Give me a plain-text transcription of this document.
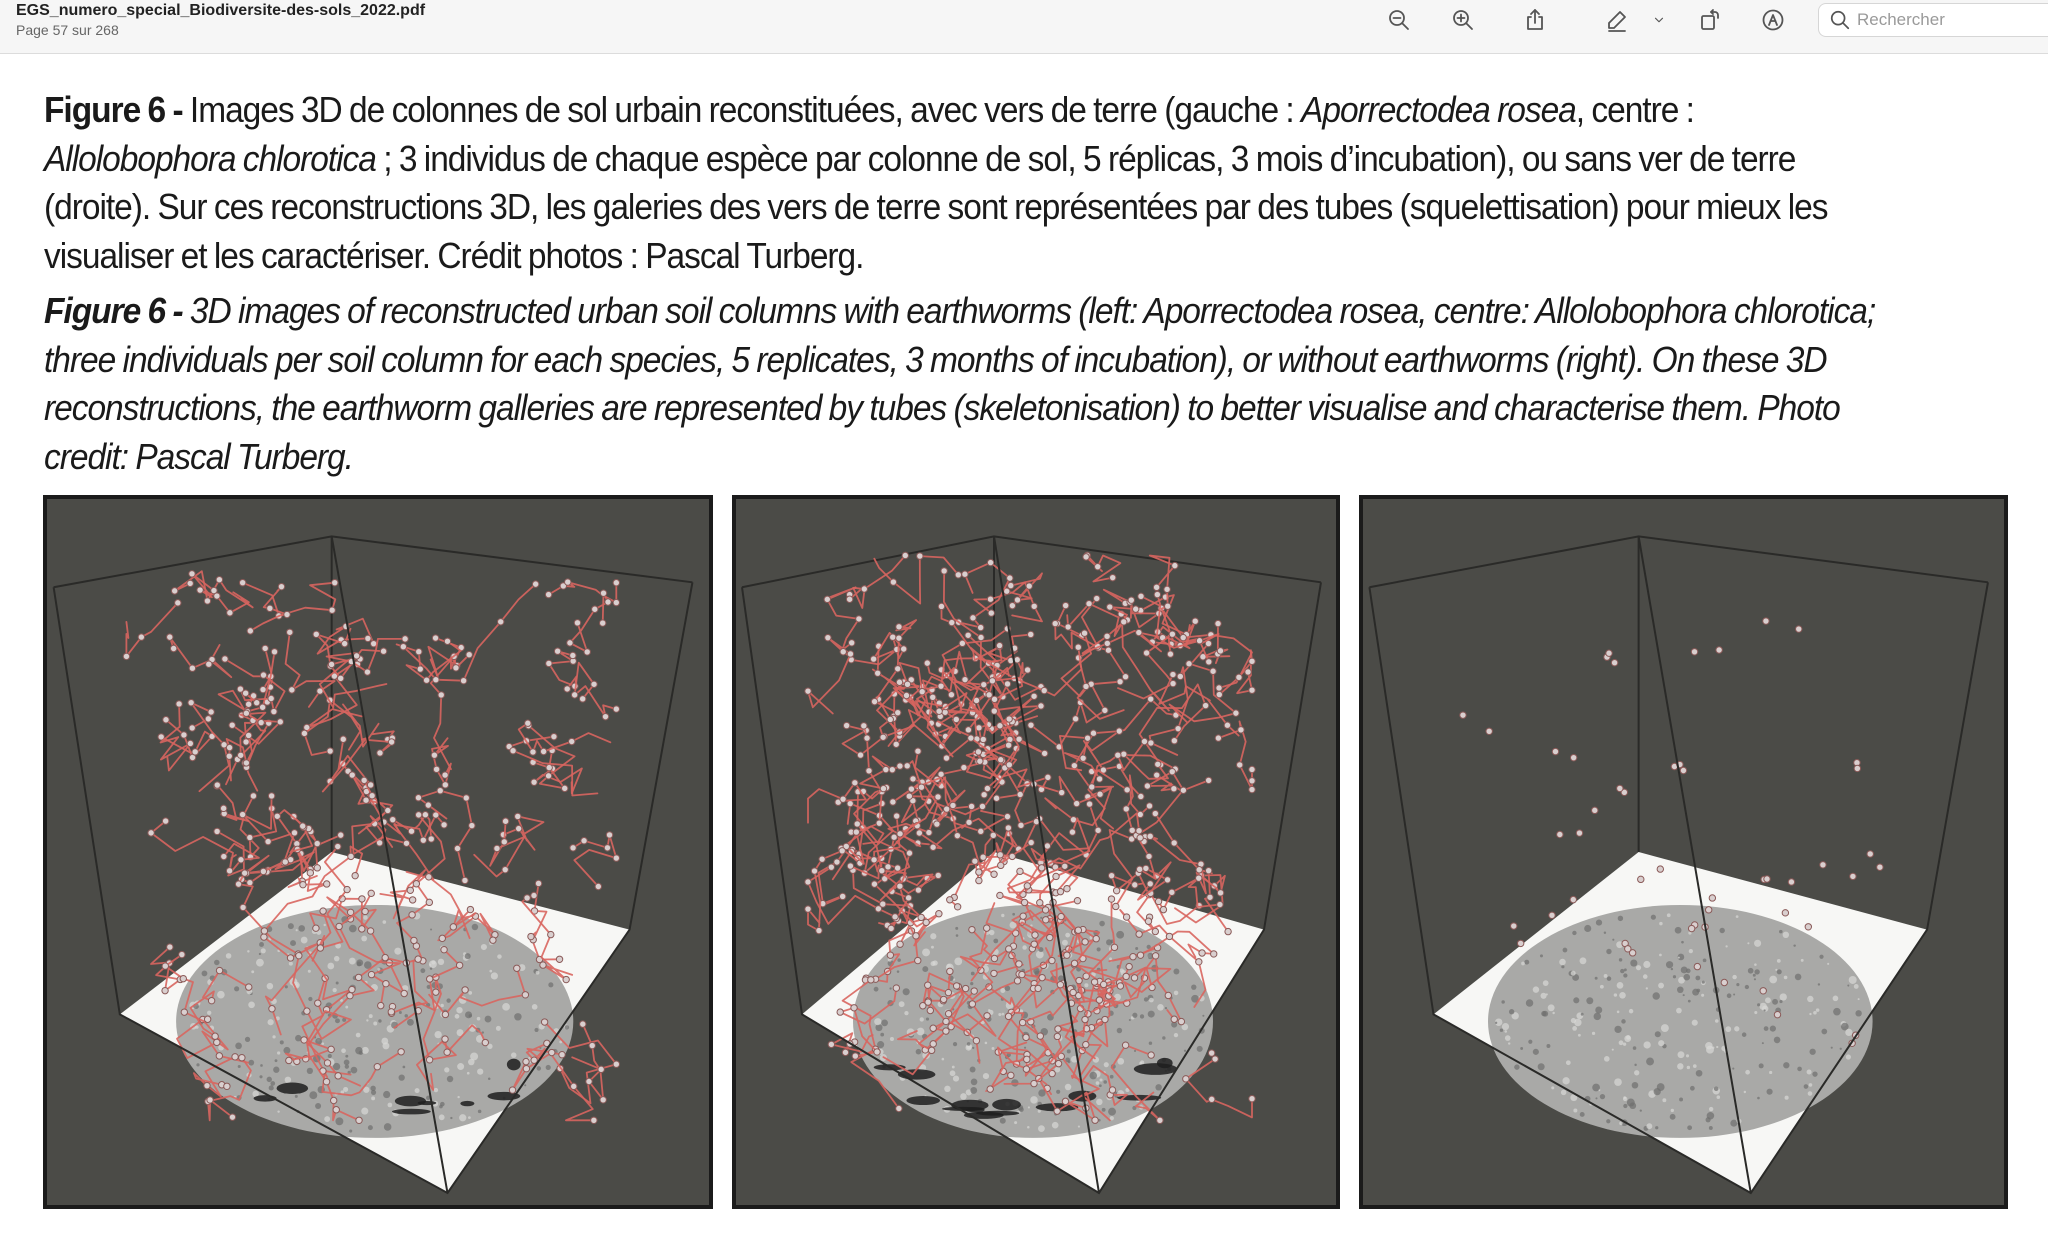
EGS_numero_special_Biodiversite-des-sols_2022.pdf
Page 57 sur 268
Rechercher

Figure 6 - Images 3D de colonnes de sol urbain reconstituées, avec vers de terre (gauche : Aporrectodea rosea, centre : Allolobophora chlorotica ; 3 individus de chaque espèce par colonne de sol, 5 réplicas, 3 mois d’incubation), ou sans ver de terre (droite). Sur ces reconstructions 3D, les galeries des vers de terre sont représentées par des tubes (squelettisation) pour mieux les visualiser et les caractériser. Crédit photos : Pascal Turberg.

Figure 6 - 3D images of reconstructed urban soil columns with earthworms (left: Aporrectodea rosea, centre: Allolobophora chlorotica; three individuals per soil column for each species, 5 replicates, 3 months of incubation), or without earthworms (right). On these 3D reconstructions, the earthworm galleries are represented by tubes (skeletonisation) to better visualise and characterise them. Photo credit: Pascal Turberg.
